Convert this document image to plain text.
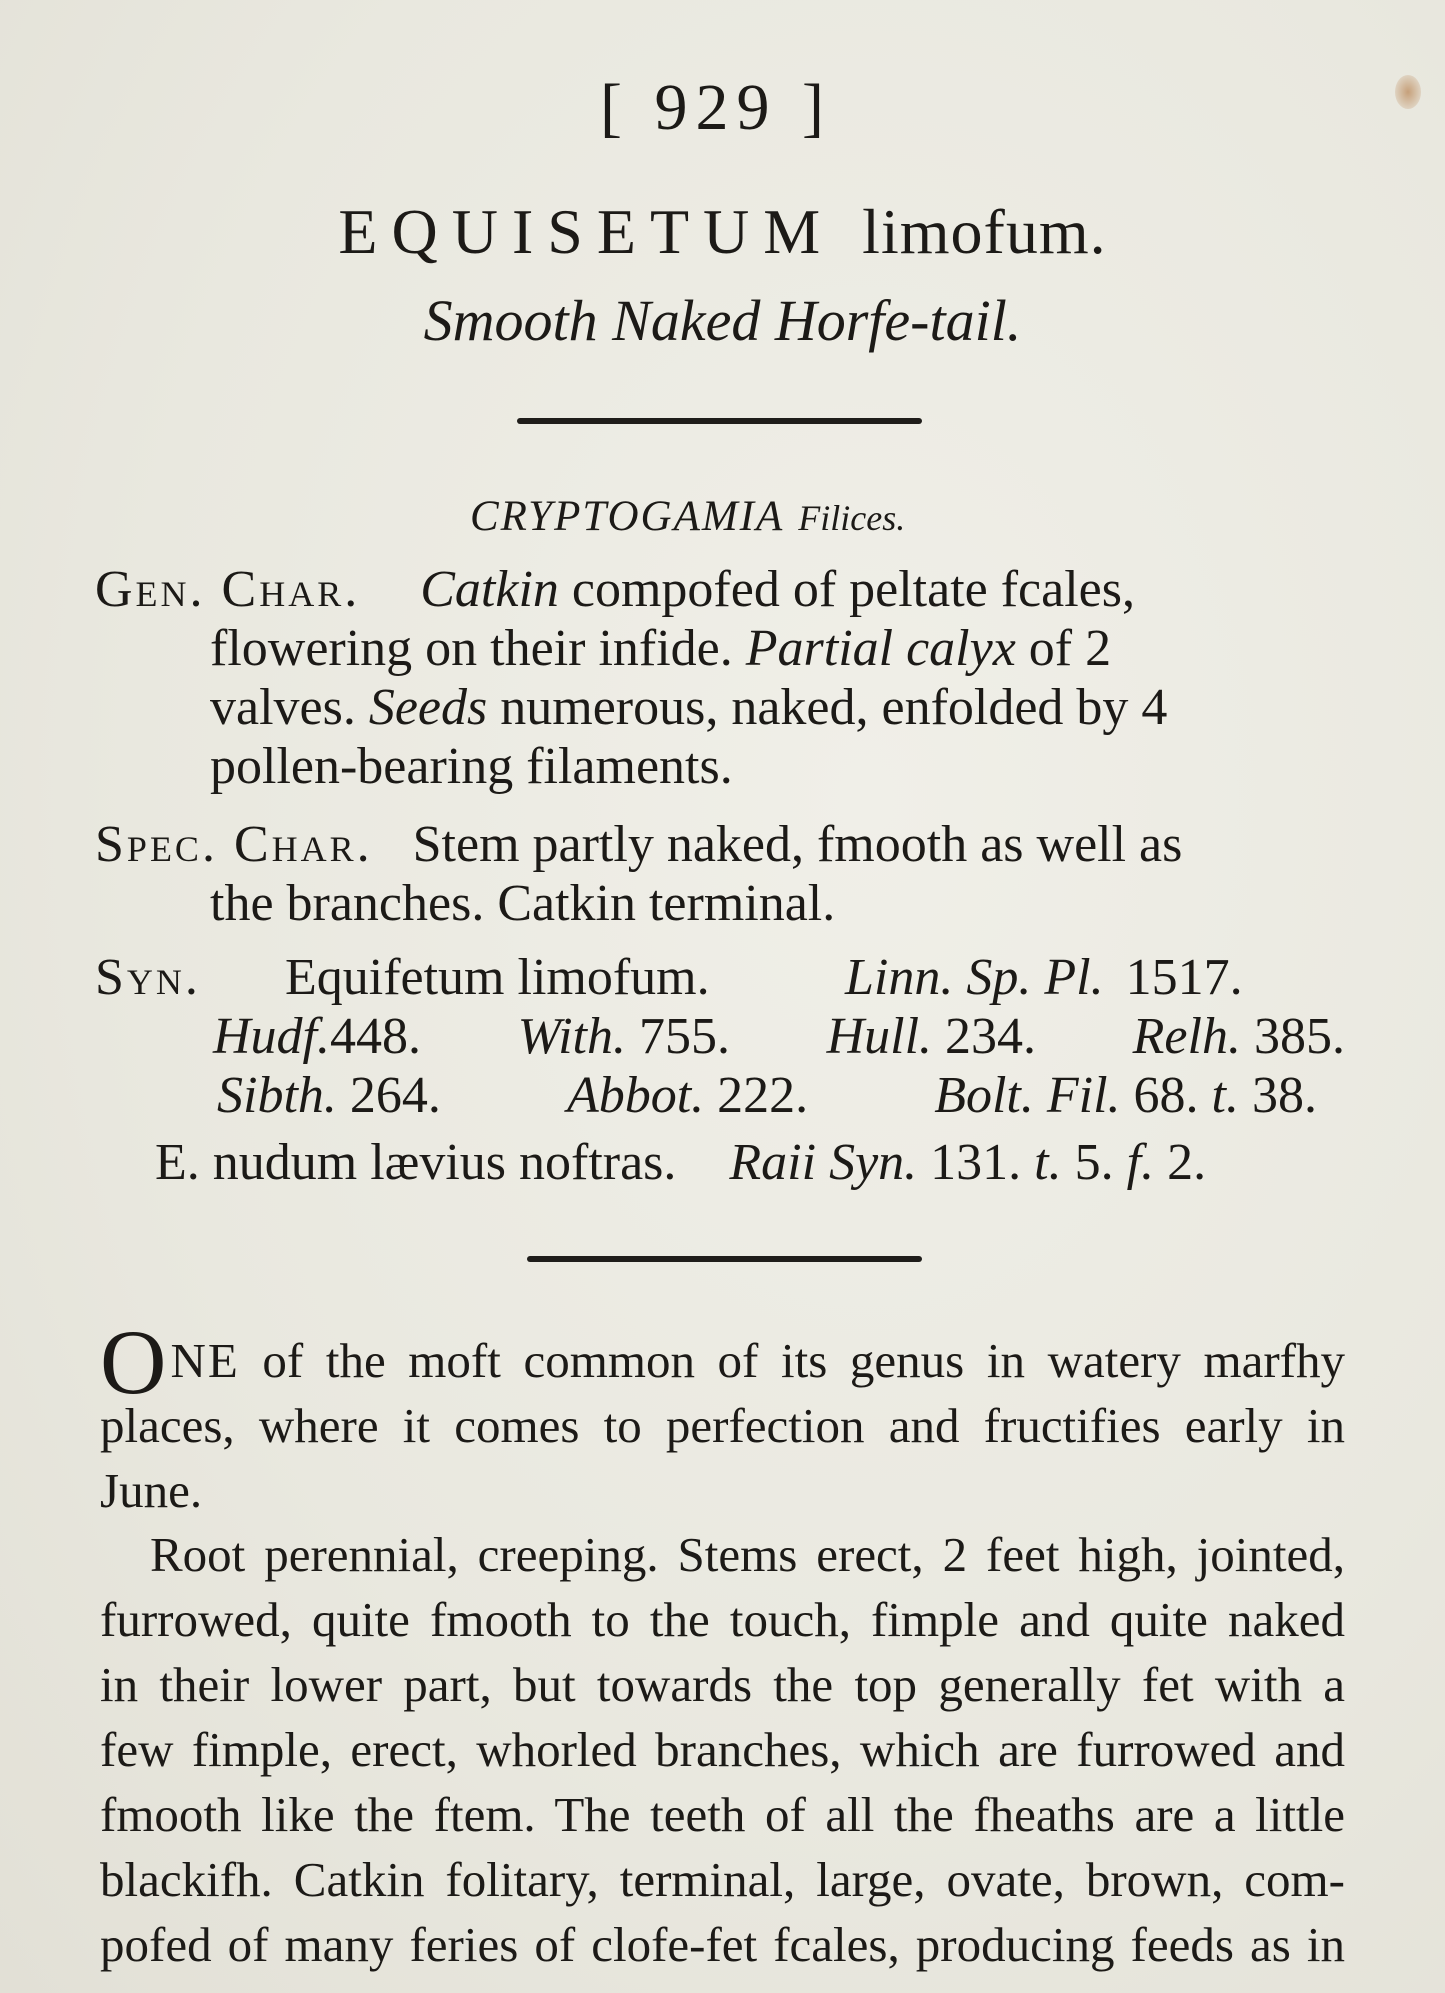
[ 929 ]
EQUISETUM limofum.
Smooth Naked Horfe-tail.
CRYPTOGAMIA Filices.
Gen. Char. Catkin compofed of peltate fcales,
flowering on their infide. Partial calyx of 2
valves. Seeds numerous, naked, enfolded by 4
pollen-bearing filaments.
Spec. Char. Stem partly naked, fmooth as well as
the branches. Catkin terminal.
Syn.	Equifetum limofum.	Linn. Sp. Pl. 1517.
Hudf.448. With. 755. Hull. 234. Relh. 385.
Sibth. 264. Abbot. 222. Bolt. Fil. 68. t. 38.
E. nudum lævius noftras. Raii Syn. 131. t. 5. f. 2.
ONE of the moft common of its genus in watery marfhy
places, where it comes to perfection and fructifies early in
June.
Root perennial, creeping. Stems erect, 2 feet high, jointed,
furrowed, quite fmooth to the touch, fimple and quite naked
in their lower part, but towards the top generally fet with a
few fimple, erect, whorled branches, which are furrowed and
fmooth like the ftem. The teeth of all the fheaths are a little
blackifh. Catkin folitary, terminal, large, ovate, brown, com-
pofed of many feries of clofe-fet fcales, producing feeds as in
